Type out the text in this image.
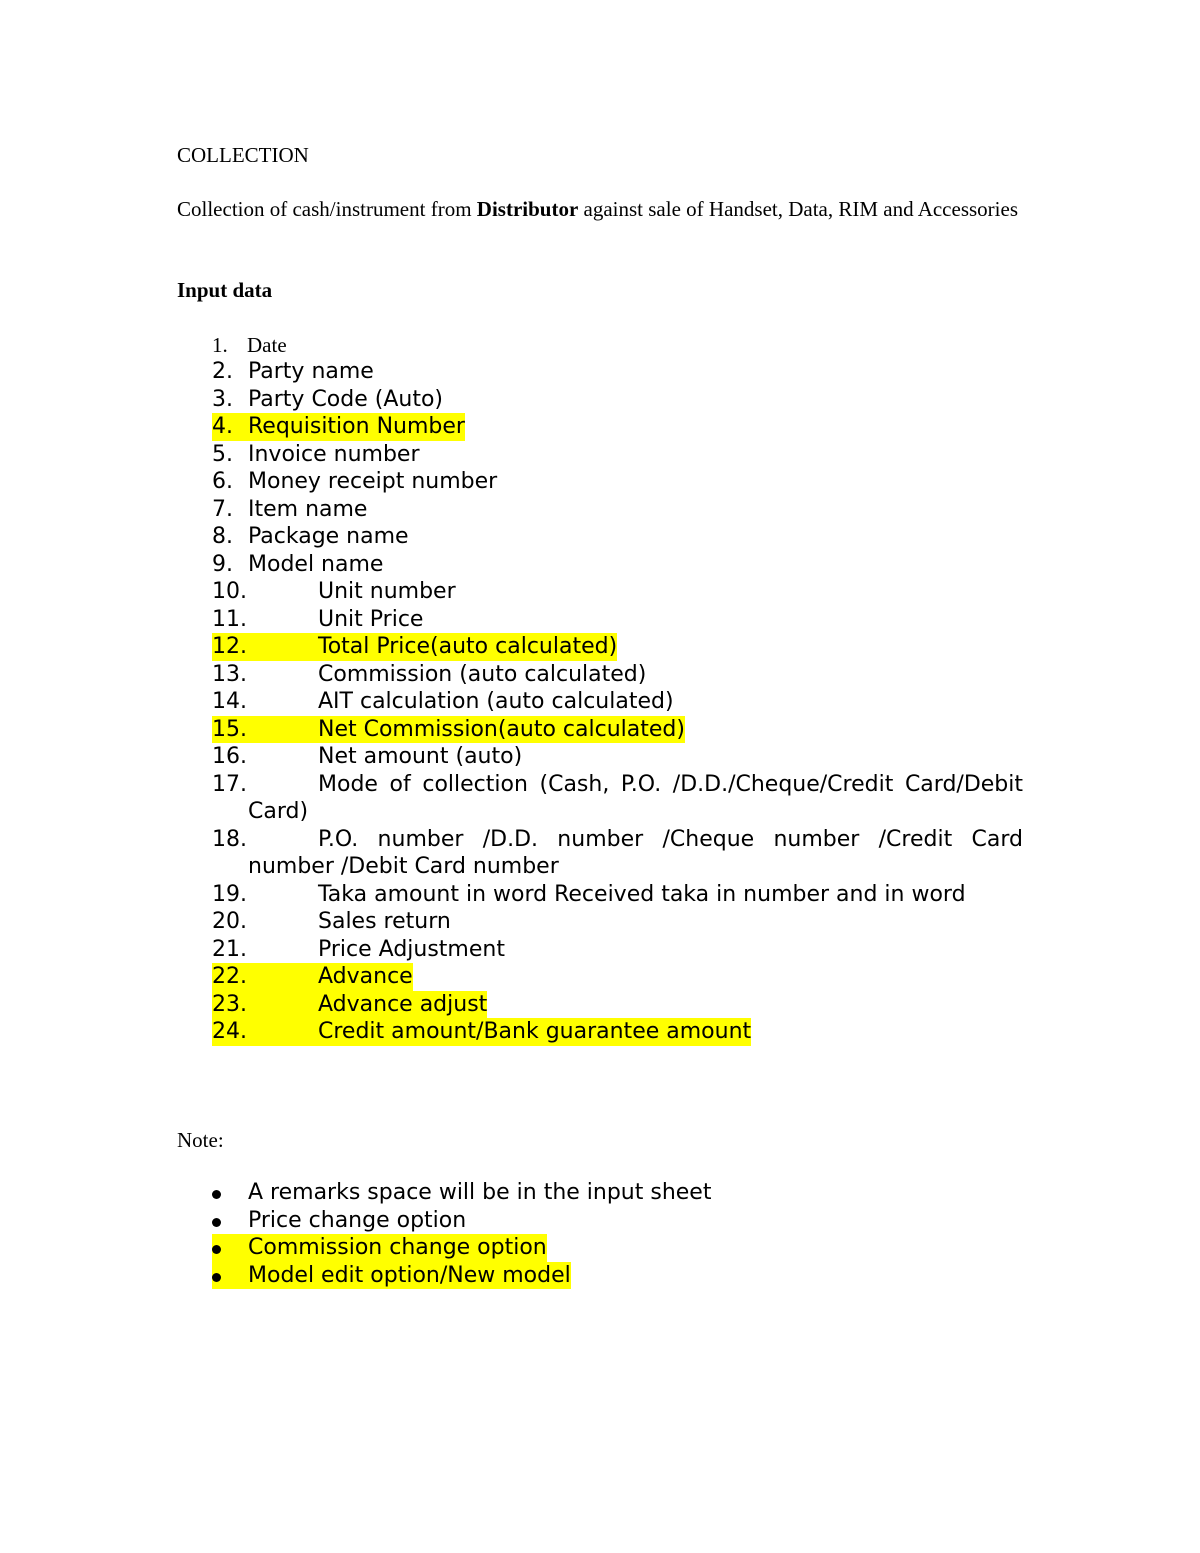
COLLECTION
Collection of cash/instrument from Distributor against sale of Handset, Data, RIM and Accessories
Input data
1. Date
2. Party name
3. Party Code (Auto)
4. Requisition Number
5. Invoice number
6. Money receipt number
7. Item name
8. Package name
9. Model name
10.	Unit number
11.	Unit Price
12.	Total Price(auto calculated)
13.	Commission (auto calculated)
14.	AIT calculation (auto calculated)
15.	Net Commission(auto calculated)
16.	Net amount (auto)
17.	Mode of collection (Cash, P.O. /D.D./Cheque/Credit Card/Debit Card)
18.	P.O. number /D.D. number /Cheque number /Credit Card number /Debit Card number
19.	Taka amount in word Received taka in number and in word
20.	Sales return
21.	Price Adjustment
22.	Advance
23.	Advance adjust
24.	Credit amount/Bank guarantee amount
Note:
A remarks space will be in the input sheet
Price change option
Commission change option
Model edit option/New model
